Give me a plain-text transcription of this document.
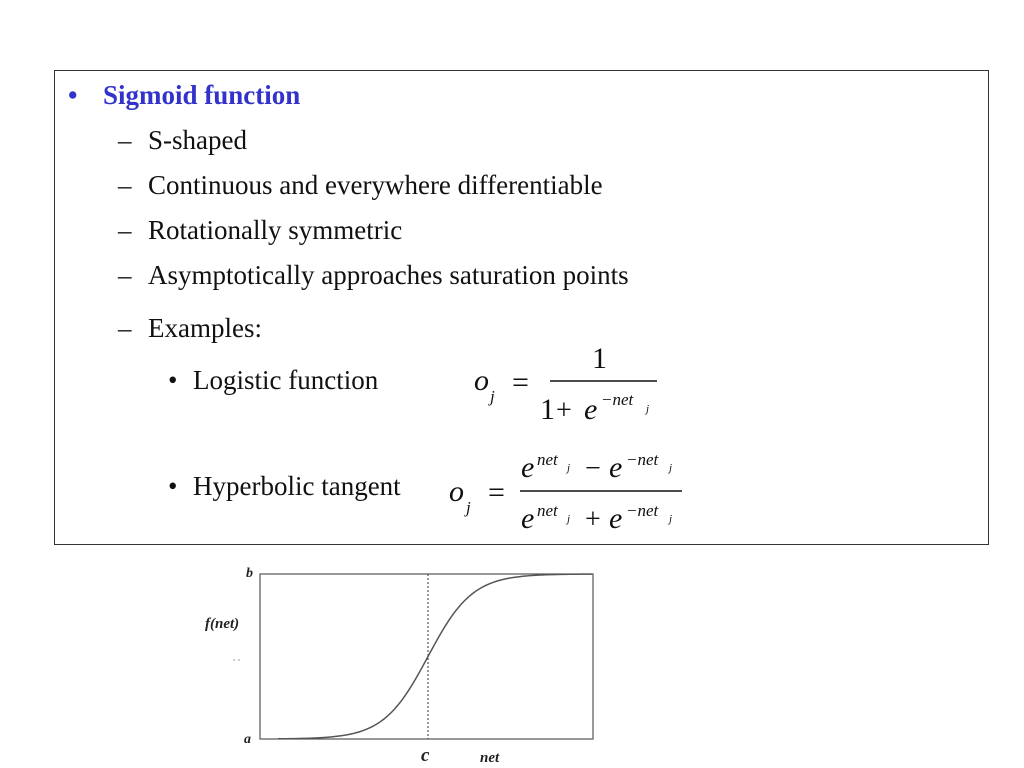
• Sigmoid function
– S-shaped
– Continuous and everywhere differentiable
– Rotationally symmetric
– Asymptotically approaches saturation points
– Examples:
• Logistic function
• Hyperbolic tangent
o j =
1
1 + e −net j
o j =
e net j − e −net j
e net j + e −net j
b
a
f(net)
net
c
